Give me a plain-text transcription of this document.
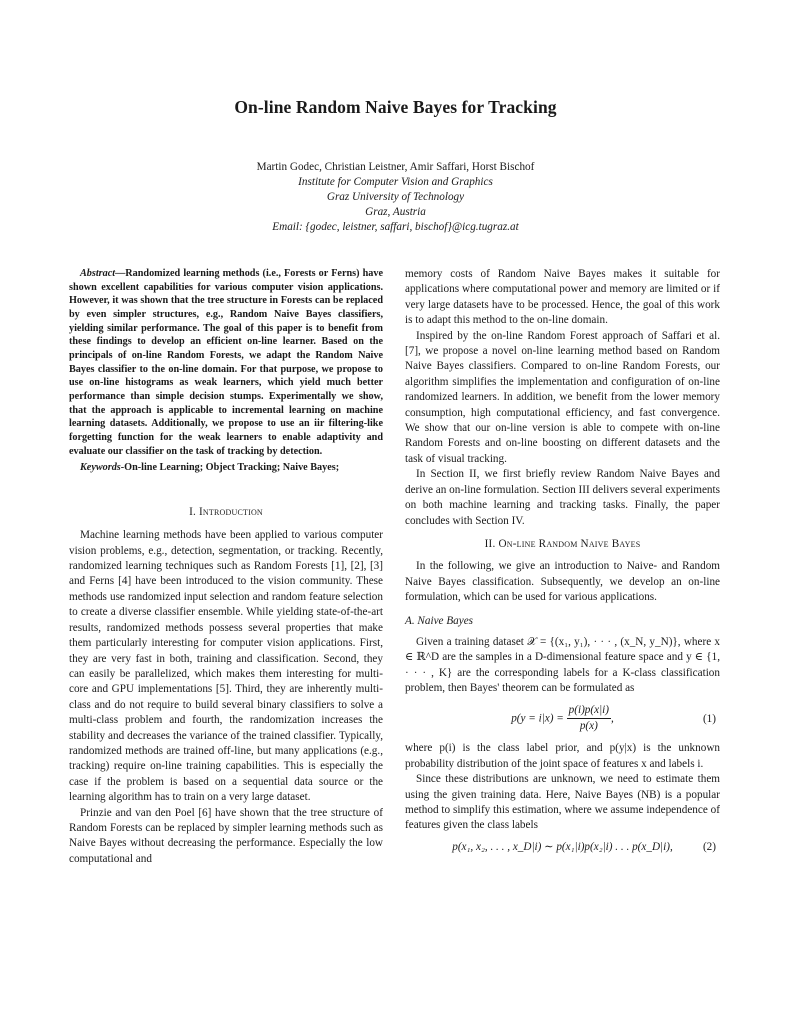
On-line Random Naive Bayes for Tracking
Martin Godec, Christian Leistner, Amir Saffari, Horst Bischof
Institute for Computer Vision and Graphics
Graz University of Technology
Graz, Austria
Email: {godec, leistner, saffari, bischof}@icg.tugraz.at

Abstract—Randomized learning methods (i.e., Forests or Ferns) have shown excellent capabilities for various computer vision applications. However, it was shown that the tree structure in Forests can be replaced by even simpler structures, e.g., Random Naive Bayes classifiers, yielding similar performance. The goal of this paper is to benefit from these findings to develop an efficient on-line learner. Based on the principals of on-line Random Forests, we adapt the Random Naive Bayes classifier to the on-line domain. For that purpose, we propose to use on-line histograms as weak learners, which yield much better performance than simple decision stumps. Experimentally we show, that the approach is applicable to incremental learning on machine learning datasets. Additionally, we propose to use an iir filtering-like forgetting function for the weak learners to enable adaptivity and evaluate our classifier on the task of tracking by detection.

Keywords-On-line Learning; Object Tracking; Naive Bayes;

I. Introduction

Machine learning methods have been applied to various computer vision problems, e.g., detection, segmentation, or tracking. Recently, randomized learning techniques such as Random Forests [1], [2], [3] and Ferns [4] have been introduced to the vision community. These methods use randomized input selection and random feature selection to create a diverse classifier ensemble. While yielding state-of-the-art results, randomized methods possess several properties that make them particularly interesting for computer vision applications. First, they are very fast in both, training and classification. Second, they can easily be parallelized, which makes them interesting for multi-core and GPU implementations [5]. Third, they are inherently multi-class and do not require to build several binary classifiers to solve a multi-class problem and fourth, the randomization increases the stability and decreases the variance of the trained classifier. Typically, randomized methods are trained off-line, but many applications (e.g., tracking) require on-line training capabilities. This is especially the case if the problem is based on a sequential data source or the learning algorithm has to train on a very large dataset.

Prinzie and van den Poel [6] have shown that the tree structure of Random Forests can be replaced by simpler learning methods such as Naive Bayes without decreasing the performance. Especially the low computational and

memory costs of Random Naive Bayes makes it suitable for applications where computational power and memory are limited or if very large datasets have to be processed. Hence, the goal of this work is to adapt this method to the on-line domain.

Inspired by the on-line Random Forest approach of Saffari et al. [7], we propose a novel on-line learning method based on Random Naive Bayes classifiers. Compared to on-line Random Forests, our algorithm simplifies the implementation and configuration of on-line randomized learners. In addition, we benefit from the lower memory consumption, high computational efficiency, and fast convergence. We show that our on-line version is able to compete with on-line Random Forests and on-line boosting on different datasets and the task of visual tracking.

In Section II, we first briefly review Random Naive Bayes and derive an on-line formulation. Section III delivers several experiments on both machine learning and tracking tasks. Finally, the paper concludes with Section IV.

II. On-line Random Naive Bayes

In the following, we give an introduction to Naive- and Random Naive Bayes classification. Subsequently, we develop an on-line formulation, which can be used for various applications.

A. Naive Bayes

Given a training dataset 𝒳 = {(x₁, y₁), · · · , (x_N, y_N)}, where x ∈ ℝ^D are the samples in a D-dimensional feature space and y ∈ {1, · · · , K} are the corresponding labels for a K-class classification problem, then Bayes' theorem can be formulated as

$p(y = i|x) = \frac{p(i)p(x|i)}{p(x)}$ ,	(1)

where p(i) is the class label prior, and p(y|x) is the unknown probability distribution of the joint space of features x and labels i.

Since these distributions are unknown, we need to estimate them using the given training data. Here, Naive Bayes (NB) is a popular method to simplify this estimation, where we assume independence of features given the class labels

p(x₁, x₂, . . . , x_D|i) ∼ p(x₁|i)p(x₂|i) . . . p(x_D|i),	(2)
